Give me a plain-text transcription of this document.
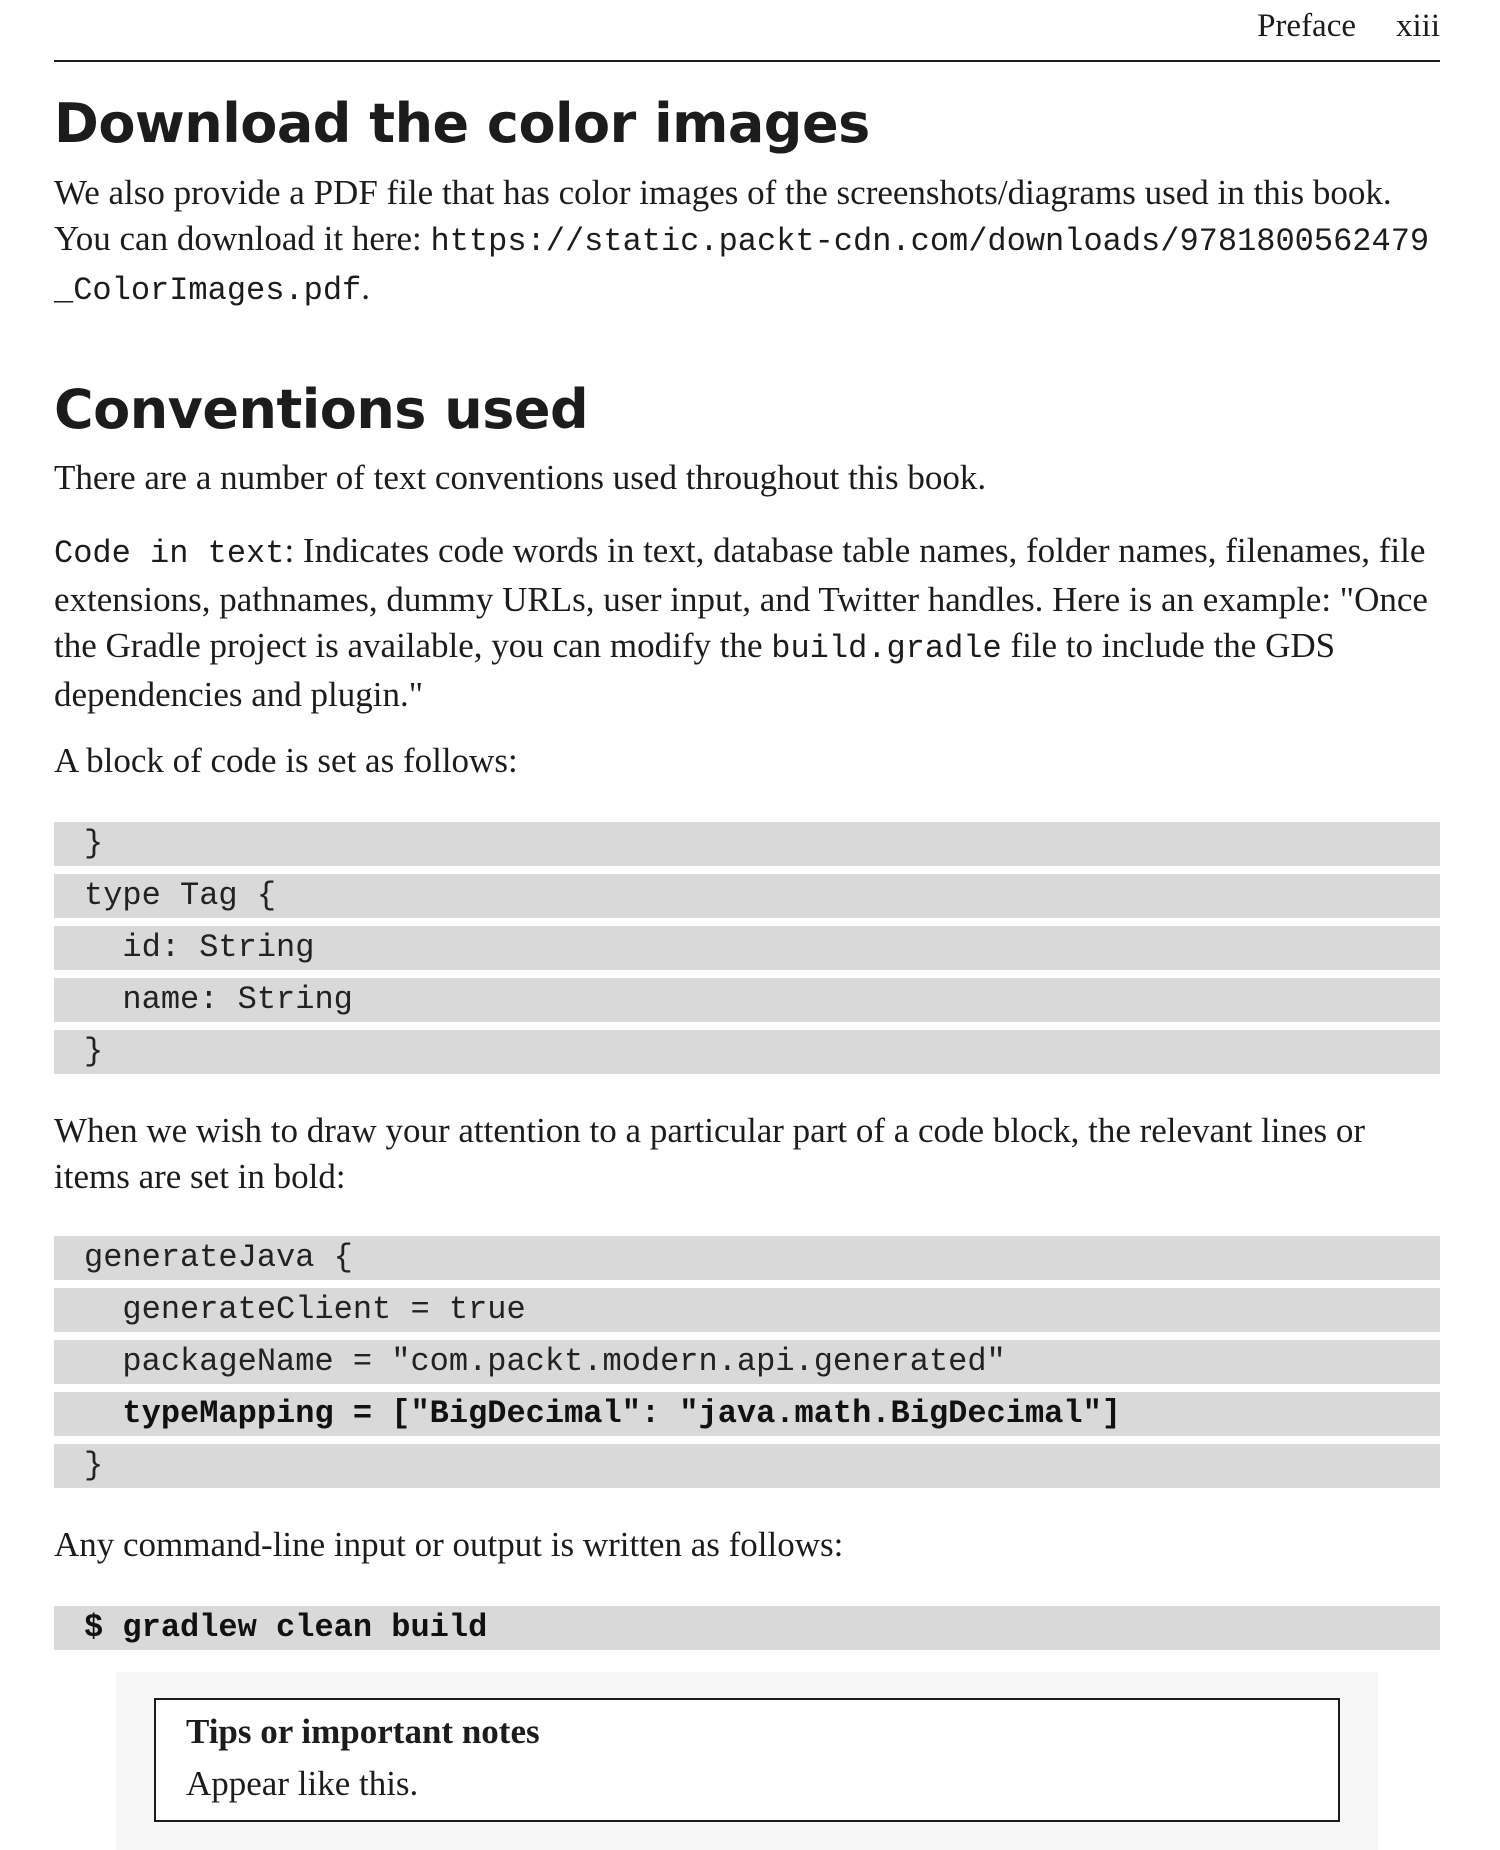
Preface xiii
Download the color images

We also provide a PDF file that has color images of the screenshots/diagrams used in this book. You can download it here: https://static.packt-cdn.com/downloads/9781800562479_ColorImages.pdf.

Conventions used

There are a number of text conventions used throughout this book.

Code in text: Indicates code words in text, database table names, folder names, filenames, file extensions, pathnames, dummy URLs, user input, and Twitter handles. Here is an example: "Once the Gradle project is available, you can modify the build.gradle file to include the GDS dependencies and plugin."

A block of code is set as follows:

}
type Tag {
id: String
name: String
}

When we wish to draw your attention to a particular part of a code block, the relevant lines or items are set in bold:

generateJava {
generateClient = true
packageName = "com.packt.modern.api.generated"
typeMapping = ["BigDecimal": "java.math.BigDecimal"]
}

Any command-line input or output is written as follows:

$ gradlew clean build
Tips or important notes
Appear like this.
